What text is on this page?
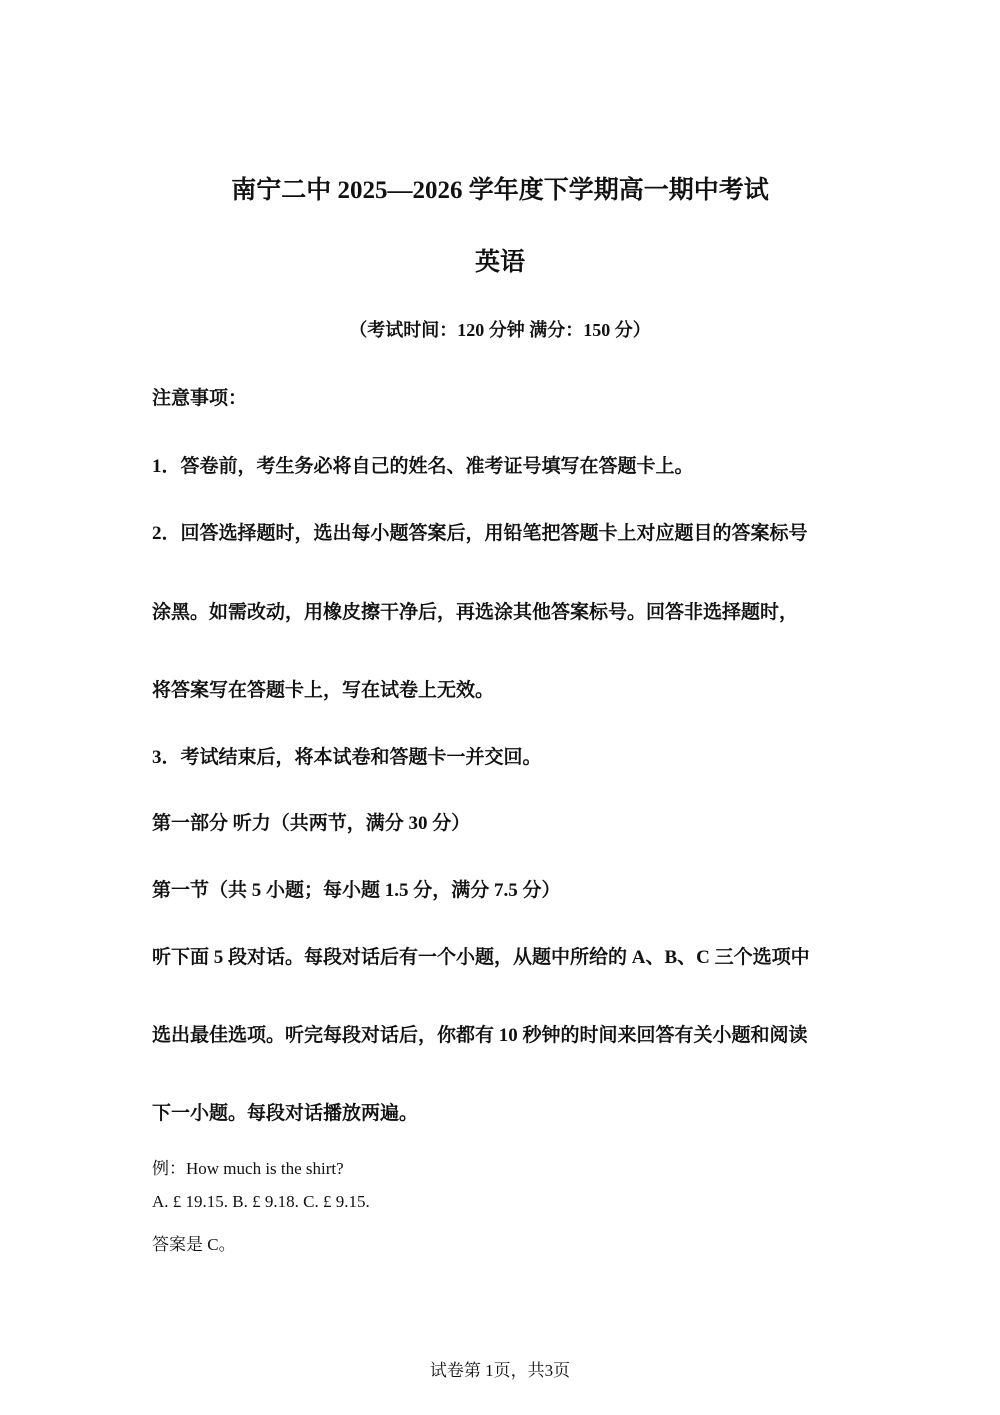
南宁二中 2025—2026 学年度下学期高一期中考试
英语
（考试时间：120 分钟 满分：150 分）
注意事项：
1．答卷前，考生务必将自己的姓名、准考证号填写在答题卡上。
2．回答选择题时，选出每小题答案后，用铅笔把答题卡上对应题目的答案标号
涂黑。如需改动，用橡皮擦干净后，再选涂其他答案标号。回答非选择题时，
将答案写在答题卡上，写在试卷上无效。
3．考试结束后，将本试卷和答题卡一并交回。
第一部分 听力（共两节，满分 30 分）
第一节（共 5 小题；每小题 1.5 分，满分 7.5 分）
听下面 5 段对话。每段对话后有一个小题，从题中所给的 A、B、C 三个选项中
选出最佳选项。听完每段对话后，你都有 10 秒钟的时间来回答有关小题和阅读
下一小题。每段对话播放两遍。
例：How much is the shirt?
A. £ 19.15. B. £ 9.18. C. £ 9.15.
答案是 C。
试卷第 1页，共3页
